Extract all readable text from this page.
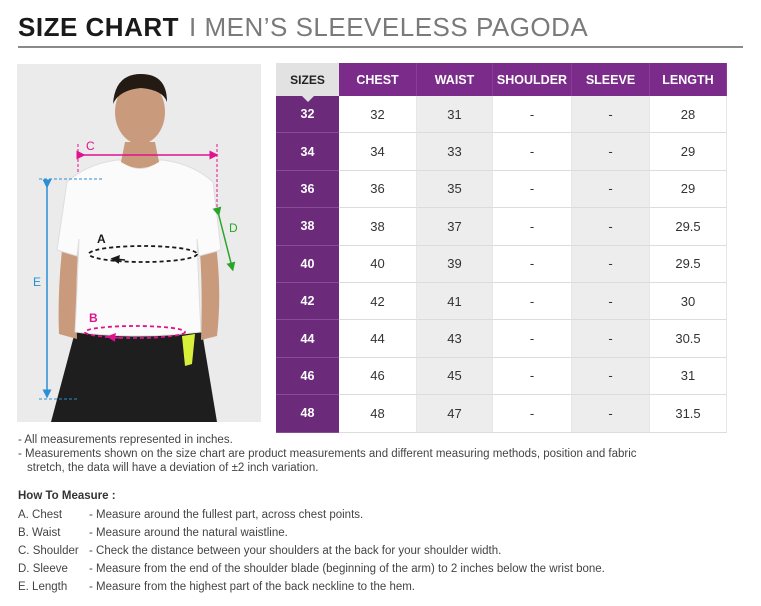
SIZE CHART I MEN’S SLEEVELESS PAGODA
E
C
D
A
B
SIZES	CHEST	WAIST	SHOULDER	SLEEVE	LENGTH
32	32	31	-	-	28
34	34	33	-	-	29
36	36	35	-	-	29
38	38	37	-	-	29.5
40	40	39	-	-	29.5
42	42	41	-	-	30
44	44	43	-	-	30.5
46	46	45	-	-	31
48	48	47	-	-	31.5
- All measurements represented in inches.
- Measurements shown on the size chart are product measurements and different measuring methods, position and fabric
stretch, the data will have a deviation of ±2 inch variation.
How To Measure :
A. Chest - Measure around the fullest part, across chest points.
B. Waist - Measure around the natural waistline.
C. Shoulder - Check the distance between your shoulders at the back for your shoulder width.
D. Sleeve - Measure from the end of the shoulder blade (beginning of the arm) to 2 inches below the wrist bone.
E. Length - Measure from the highest part of the back neckline to the hem.
